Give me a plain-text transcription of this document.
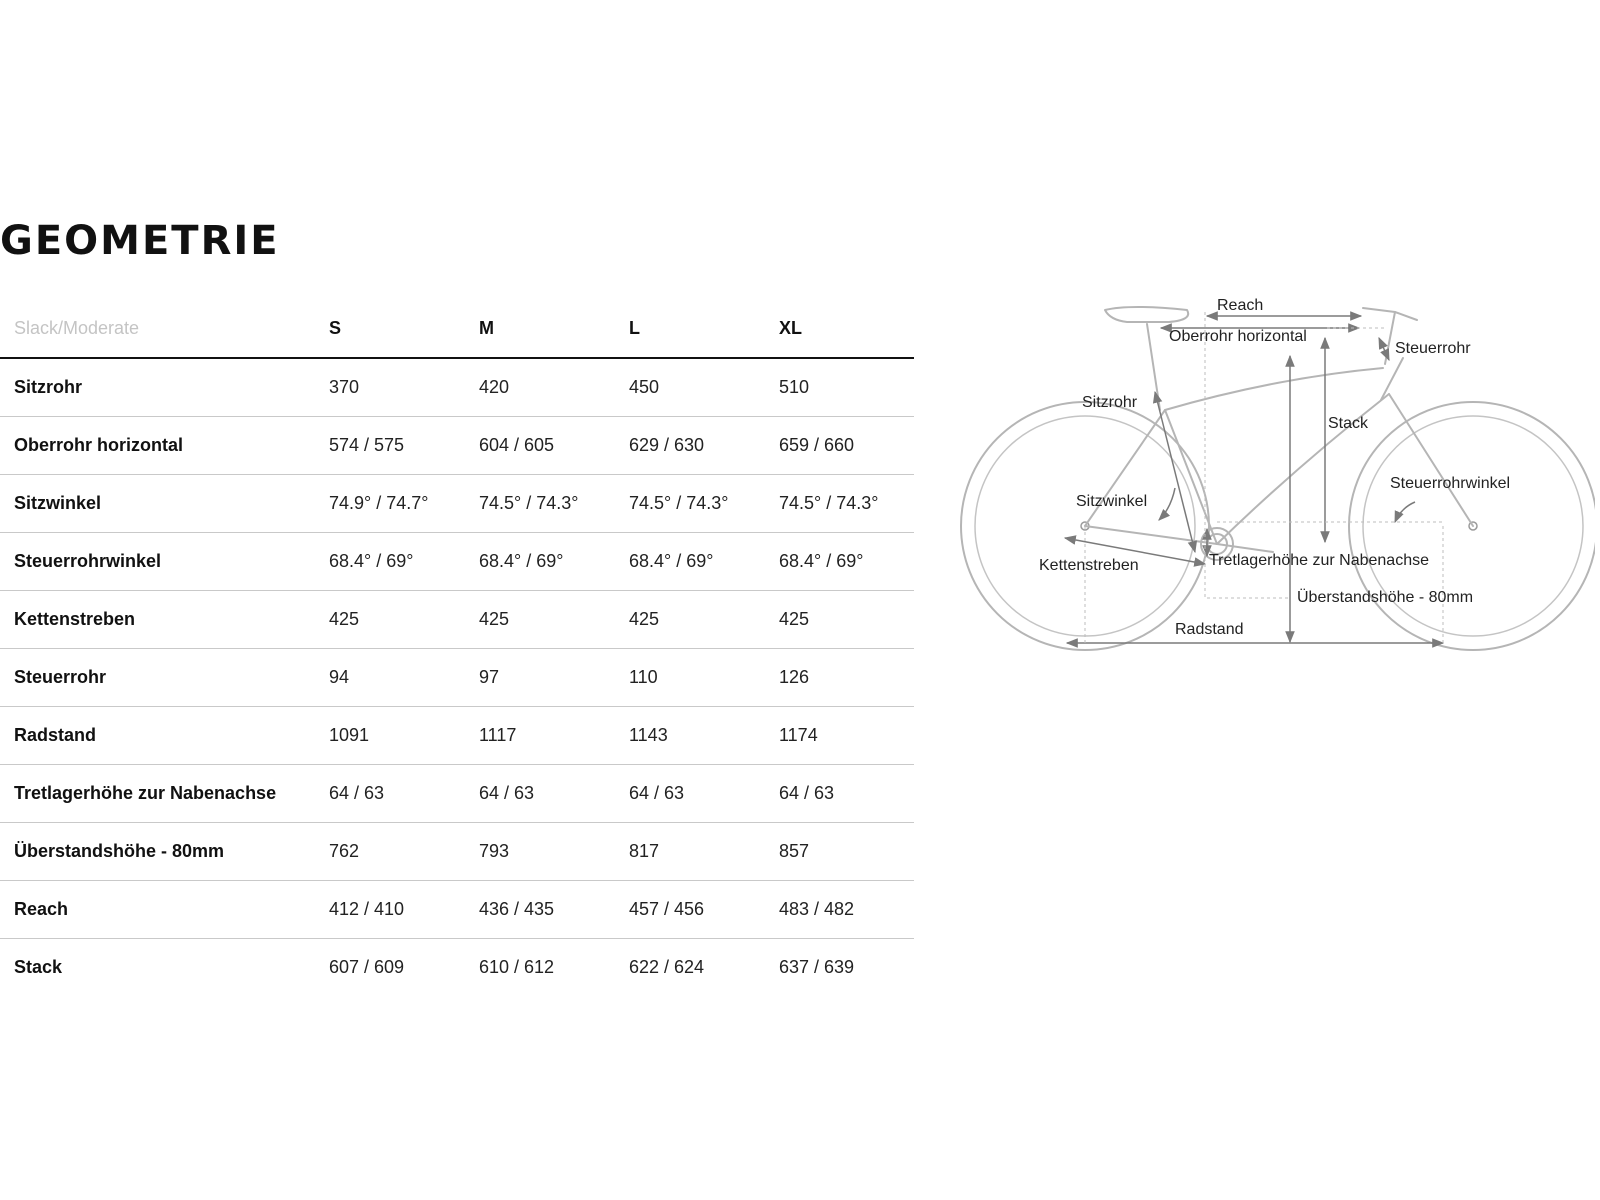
GEOMETRIE
Slack/Moderate	S	M	L	XL
Sitzrohr	370	420	450	510
Oberrohr horizontal	574 / 575	604 / 605	629 / 630	659 / 660
Sitzwinkel	74.9° / 74.7°	74.5° / 74.3°	74.5° / 74.3°	74.5° / 74.3°
Steuerrohrwinkel	68.4° / 69°	68.4° / 69°	68.4° / 69°	68.4° / 69°
Kettenstreben	425	425	425	425
Steuerrohr	94	97	110	126
Radstand	1091	1117	1143	1174
Tretlagerhöhe zur Nabenachse	64 / 63	64 / 63	64 / 63	64 / 63
Überstandshöhe - 80mm	762	793	817	857
Reach	412 / 410	436 / 435	457 / 456	483 / 482
Stack	607 / 609	610 / 612	622 / 624	637 / 639
Reach
Oberrohr horizontal
Steuerrohr
Sitzrohr
Stack
Sitzwinkel
Steuerrohrwinkel
Kettenstreben	Tretlagerhöhe zur Nabenachse
Überstandshöhe - 80mm
Radstand
